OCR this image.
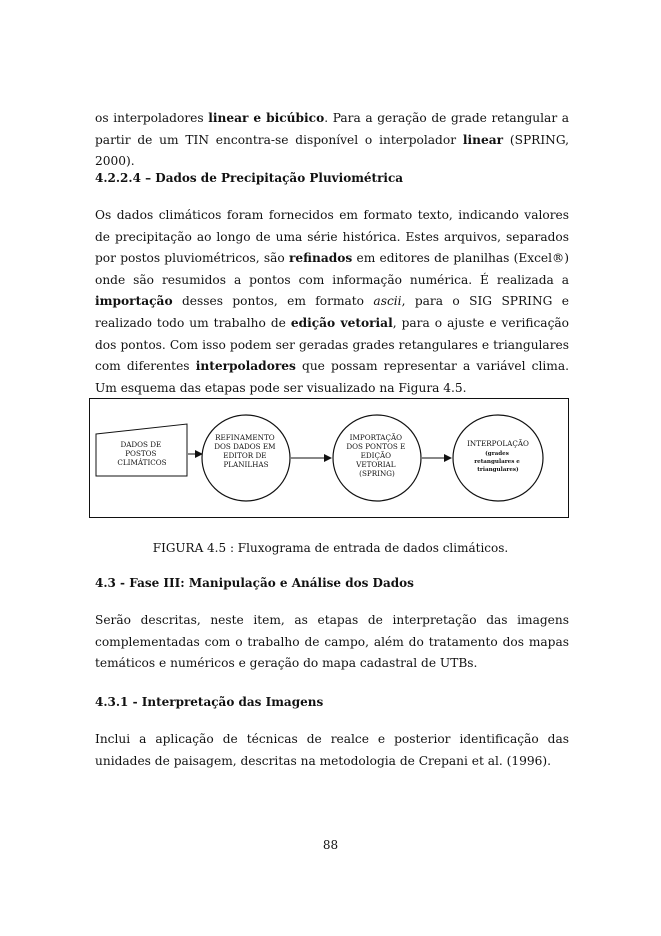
os interpoladores linear e bicúbico. Para a geração de grade retangular a partir de um TIN encontra-se disponível o interpolador linear (SPRING, 2000).
4.2.2.4 – Dados de Precipitação Pluviométrica
Os dados climáticos foram fornecidos em formato texto, indicando valores de precipitação ao longo de uma série histórica. Estes arquivos, separados por postos pluviométricos, são refinados em editores de planilhas (Excel®) onde são resumidos a pontos com informação numérica. É realizada a importação desses pontos, em formato ascii, para o SIG SPRING e realizado todo um trabalho de edição vetorial, para o ajuste e verificação dos pontos. Com isso podem ser geradas grades retangulares e triangulares com diferentes interpoladores que possam representar a variável clima. Um esquema das etapas pode ser visualizado na Figura 4.5.
DADOS DE POSTOS CLIMÁTICOS
REFINAMENTO DOS DADOS EM EDITOR DE PLANILHAS
IMPORTAÇÃO DOS PONTOS E EDIÇÃO VETORIAL (SPRING)
INTERPOLAÇÃO
(grades retangulares e triangulares)
FIGURA 4.5 : Fluxograma de entrada de dados climáticos.
4.3 - Fase III: Manipulação e Análise dos Dados
Serão descritas, neste item, as etapas de interpretação das imagens complementadas com o trabalho de campo, além do tratamento dos mapas temáticos e numéricos e geração do mapa cadastral de UTBs.
4.3.1 - Interpretação das Imagens
Inclui a aplicação de técnicas de realce e posterior identificação das unidades de paisagem, descritas na metodologia de Crepani et al. (1996).
88
